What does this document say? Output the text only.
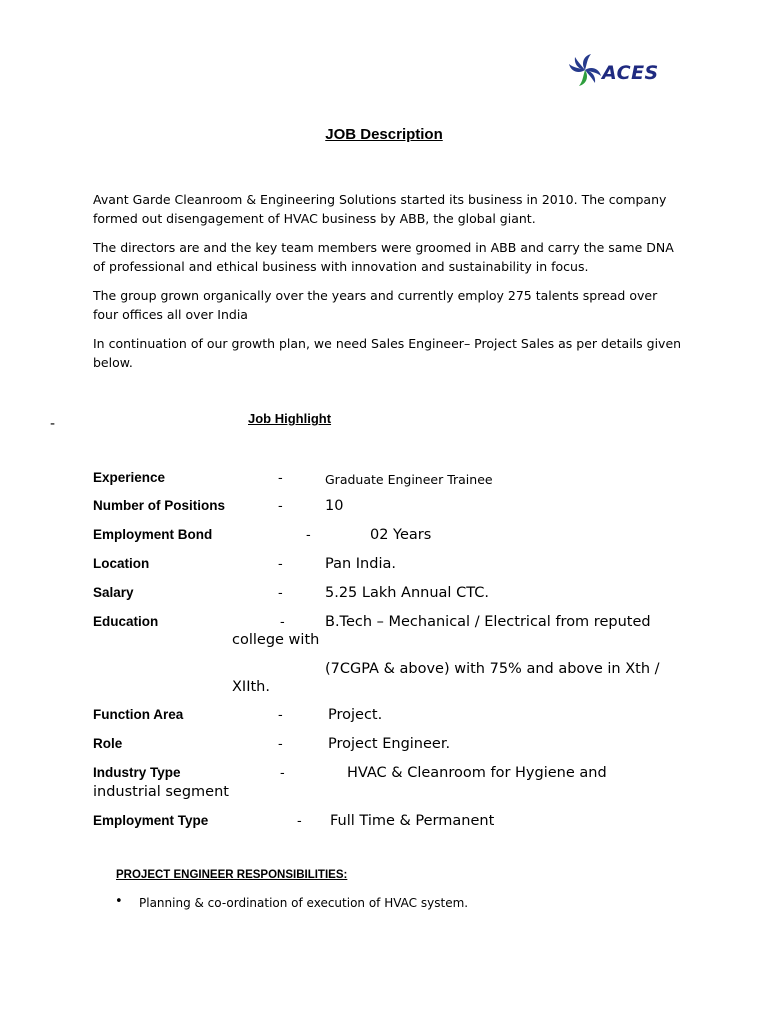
ACES
JOB Description
Avant Garde Cleanroom & Engineering Solutions started its business in 2010. The company formed out disengagement of HVAC business by ABB, the global giant.
The directors are and the key team members were groomed in ABB and carry the same DNA of professional and ethical business with innovation and sustainability in focus.
The group grown organically over the years and currently employ 275 talents spread over four offices all over India
In continuation of our growth plan, we need Sales Engineer– Project Sales as per details given below.
-	Job Highlight
Experience	-	Graduate Engineer Trainee
Number of Positions	-	10
Employment Bond	-	02 Years
Location	-	Pan India.
Salary	-	5.25 Lakh Annual CTC.
Education	-	B.Tech – Mechanical / Electrical from reputed
college with
(7CGPA & above) with 75% and above in Xth /
XIIth.
Function Area	-	Project.
Role	-	Project Engineer.
Industry Type	-	HVAC & Cleanroom for Hygiene and
industrial segment
Employment Type	- Full Time & Permanent
PROJECT ENGINEER RESPONSIBILITIES:
• Planning & co-ordination of execution of HVAC system.
